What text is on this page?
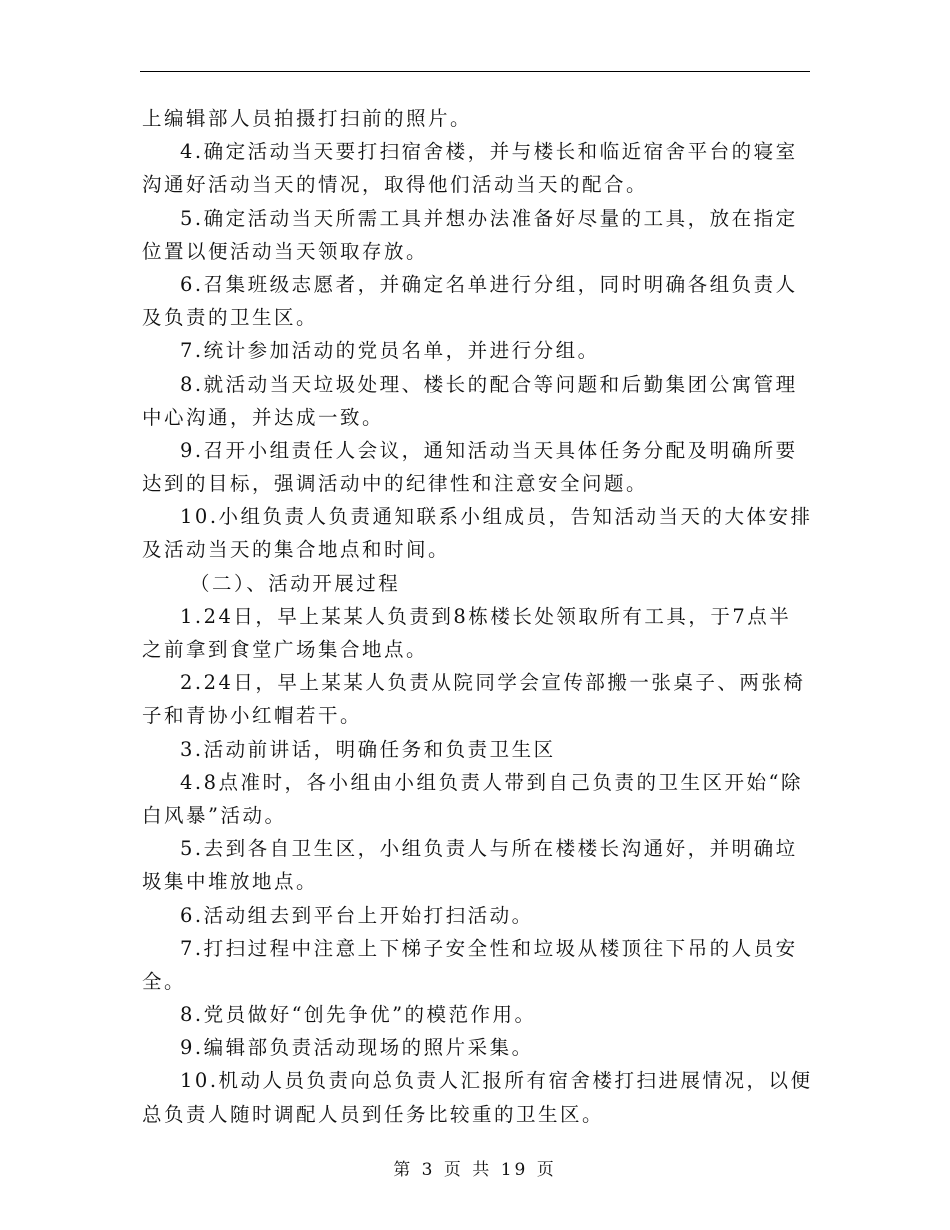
上编辑部人员拍摄打扫前的照片。
4.确定活动当天要打扫宿舍楼，并与楼长和临近宿舍平台的寝室
沟通好活动当天的情况，取得他们活动当天的配合。
5.确定活动当天所需工具并想办法准备好尽量的工具，放在指定
位置以便活动当天领取存放。
6.召集班级志愿者，并确定名单进行分组，同时明确各组负责人
及负责的卫生区。
7.统计参加活动的党员名单，并进行分组。
8.就活动当天垃圾处理、楼长的配合等问题和后勤集团公寓管理
中心沟通，并达成一致。
9.召开小组责任人会议，通知活动当天具体任务分配及明确所要
达到的目标，强调活动中的纪律性和注意安全问题。
10.小组负责人负责通知联系小组成员，告知活动当天的大体安排
及活动当天的集合地点和时间。
（二）、活动开展过程
1.24日，早上某某人负责到8栋楼长处领取所有工具，于7点半
之前拿到食堂广场集合地点。
2.24日，早上某某人负责从院同学会宣传部搬一张桌子、两张椅
子和青协小红帽若干。
3.活动前讲话，明确任务和负责卫生区
4.8点准时，各小组由小组负责人带到自己负责的卫生区开始“除
白风暴”活动。
5.去到各自卫生区，小组负责人与所在楼楼长沟通好，并明确垃
圾集中堆放地点。
6.活动组去到平台上开始打扫活动。
7.打扫过程中注意上下梯子安全性和垃圾从楼顶往下吊的人员安
全。
8.党员做好“创先争优”的模范作用。
9.编辑部负责活动现场的照片采集。
10.机动人员负责向总负责人汇报所有宿舍楼打扫进展情况，以便
总负责人随时调配人员到任务比较重的卫生区。
第 3 页 共 19 页
